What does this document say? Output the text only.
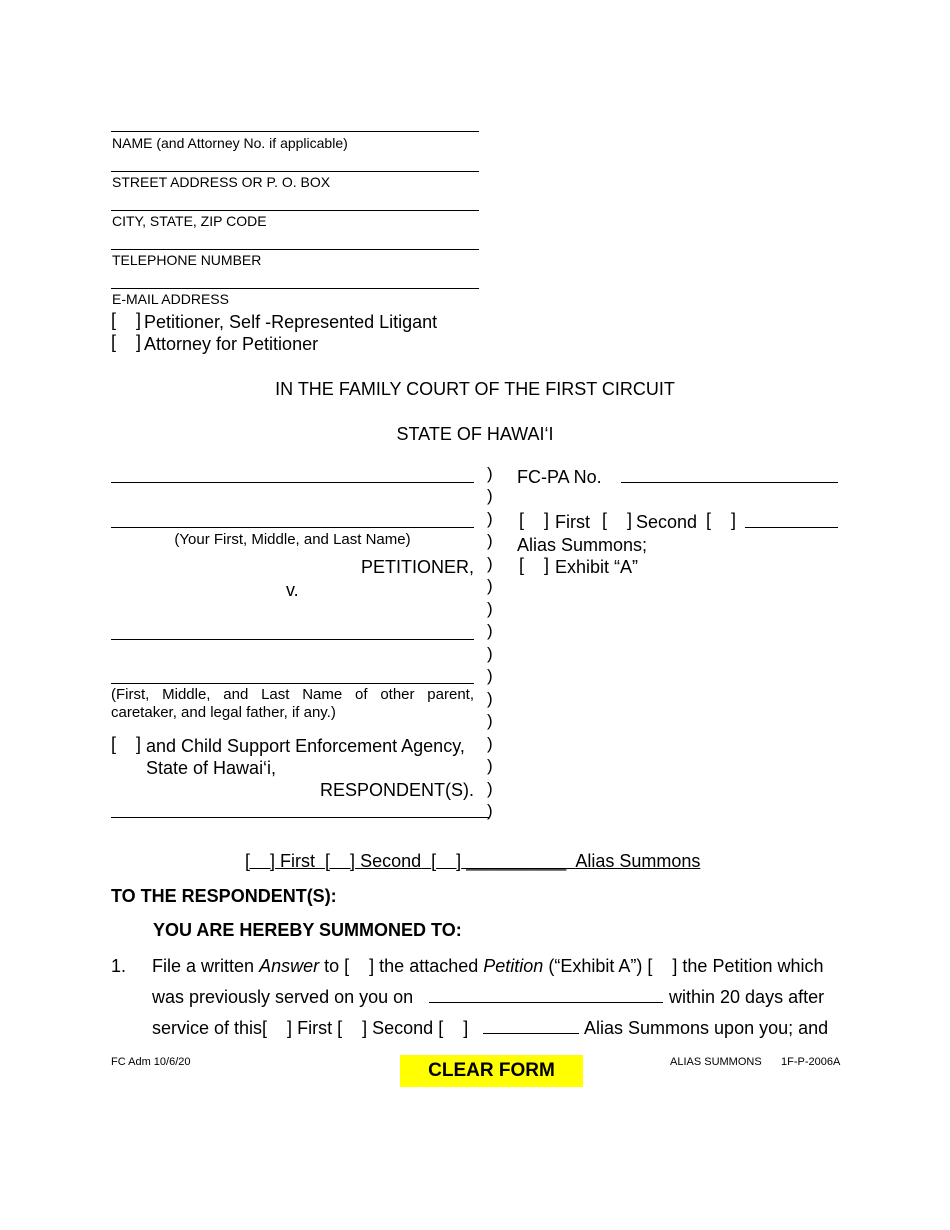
NAME (and Attorney No. if applicable)
STREET ADDRESS OR P. O. BOX
CITY, STATE, ZIP CODE
TELEPHONE NUMBER
E-MAIL ADDRESS
[    ] Petitioner, Self -Represented Litigant
[    ] Attorney for Petitioner
IN THE FAMILY COURT OF THE FIRST CIRCUIT
STATE OF HAWAI‘I
(Your First, Middle, and Last Name)
PETITIONER,
v.
(First, Middle, and Last Name of other parent, caretaker, and legal father, if any.)
[    ] and Child Support Enforcement Agency,
State of Hawai‘i,
RESPONDENT(S).
)
)
)
)
)
)
)
)
)
)
)
)
)
)
)
)
FC-PA No.
[    ] First [    ] Second [    ]
Alias Summons;
[    ] Exhibit “A”
[    ] First [    ] Second [    ] __________ Alias Summons
TO THE RESPONDENT(S):
YOU ARE HEREBY SUMMONED TO:
1. File a written Answer to [    ] the attached Petition (“Exhibit A”) [    ] the Petition which
was previously served on you on	within 20 days after
service of this[    ] First [    ] Second [    ]	Alias Summons upon you; and
FC Adm 10/6/20	CLEAR FORM	ALIAS SUMMONS 1F-P-2006A
